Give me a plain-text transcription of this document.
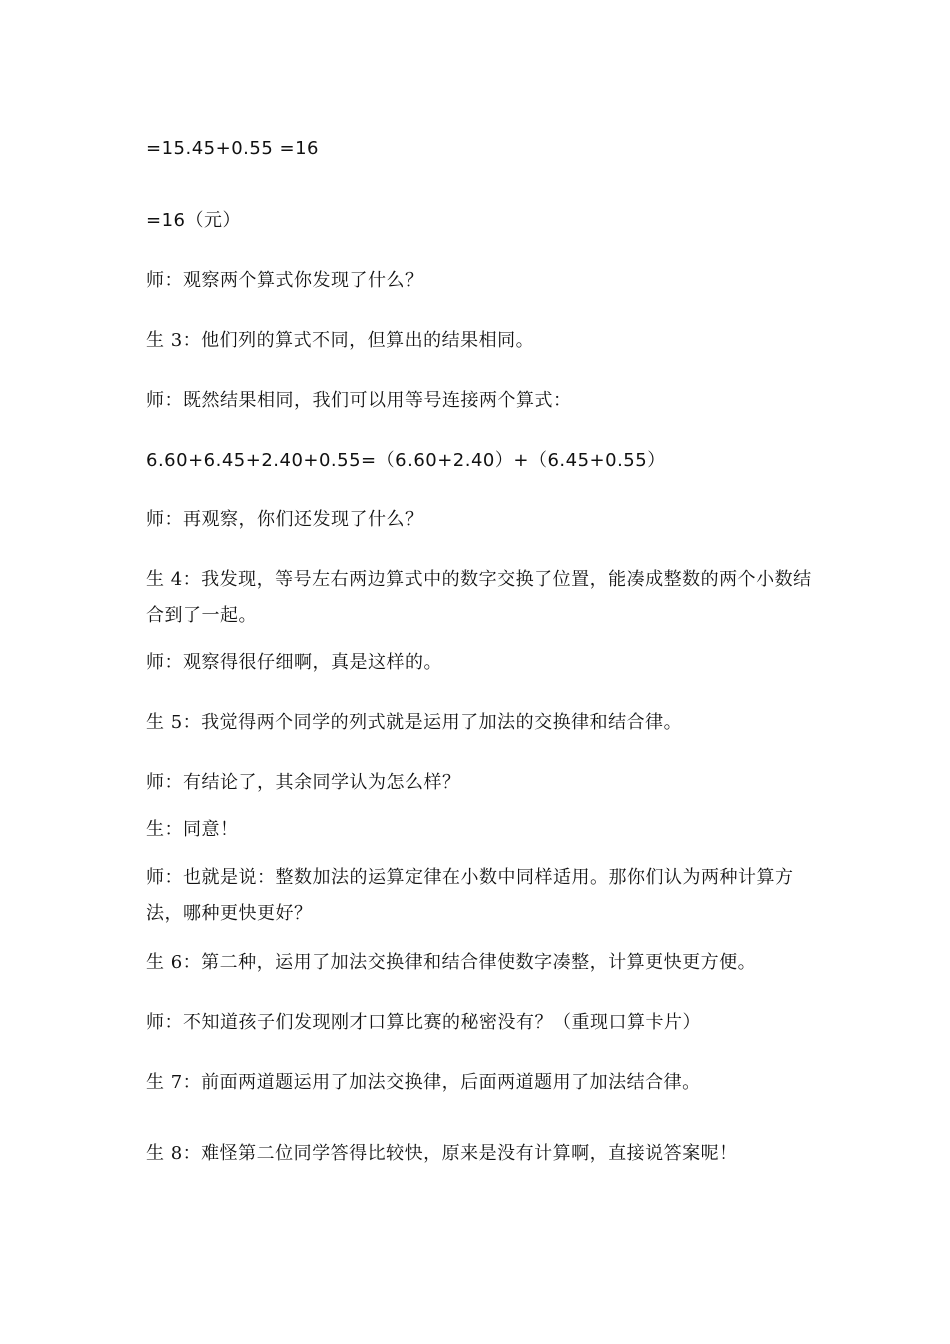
=15.45+0.55 =16
=16（元）
师：观察两个算式你发现了什么？
生 3：他们列的算式不同，但算出的结果相同。
师：既然结果相同，我们可以用等号连接两个算式：
6.60+6.45+2.40+0.55=（6.60+2.40）+（6.45+0.55）
师：再观察，你们还发现了什么？
生 4：我发现，等号左右两边算式中的数字交换了位置，能凑成整数的两个小数结合到了一起。
师：观察得很仔细啊，真是这样的。
生 5：我觉得两个同学的列式就是运用了加法的交换律和结合律。
师：有结论了，其余同学认为怎么样？
生：同意！
师：也就是说：整数加法的运算定律在小数中同样适用。那你们认为两种计算方法，哪种更快更好？
生 6：第二种，运用了加法交换律和结合律使数字凑整，计算更快更方便。
师：不知道孩子们发现刚才口算比赛的秘密没有？（重现口算卡片）
生 7：前面两道题运用了加法交换律，后面两道题用了加法结合律。
生 8：难怪第二位同学答得比较快，原来是没有计算啊，直接说答案呢！
